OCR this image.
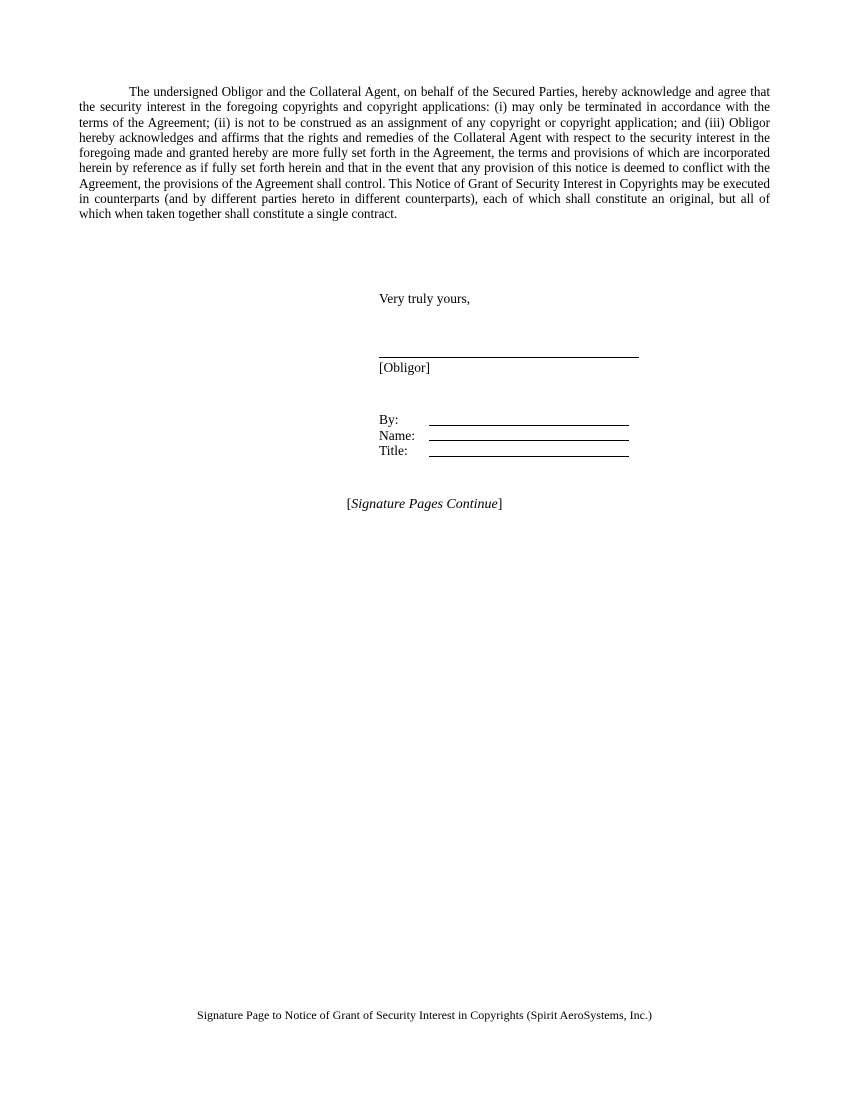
The undersigned Obligor and the Collateral Agent, on behalf of the Secured Parties, hereby acknowledge and agree that the security interest in the foregoing copyrights and copyright applications: (i) may only be terminated in accordance with the terms of the Agreement; (ii) is not to be construed as an assignment of any copyright or copyright application; and (iii) Obligor hereby acknowledges and affirms that the rights and remedies of the Collateral Agent with respect to the security interest in the foregoing made and granted hereby are more fully set forth in the Agreement, the terms and provisions of which are incorporated herein by reference as if fully set forth herein and that in the event that any provision of this notice is deemed to conflict with the Agreement, the provisions of the Agreement shall control. This Notice of Grant of Security Interest in Copyrights may be executed in counterparts (and by different parties hereto in different counterparts), each of which shall constitute an original, but all of which when taken together shall constitute a single contract.

Very truly yours,

[Obligor]

By:
Name:
Title:

[Signature Pages Continue]

Signature Page to Notice of Grant of Security Interest in Copyrights (Spirit AeroSystems, Inc.)
